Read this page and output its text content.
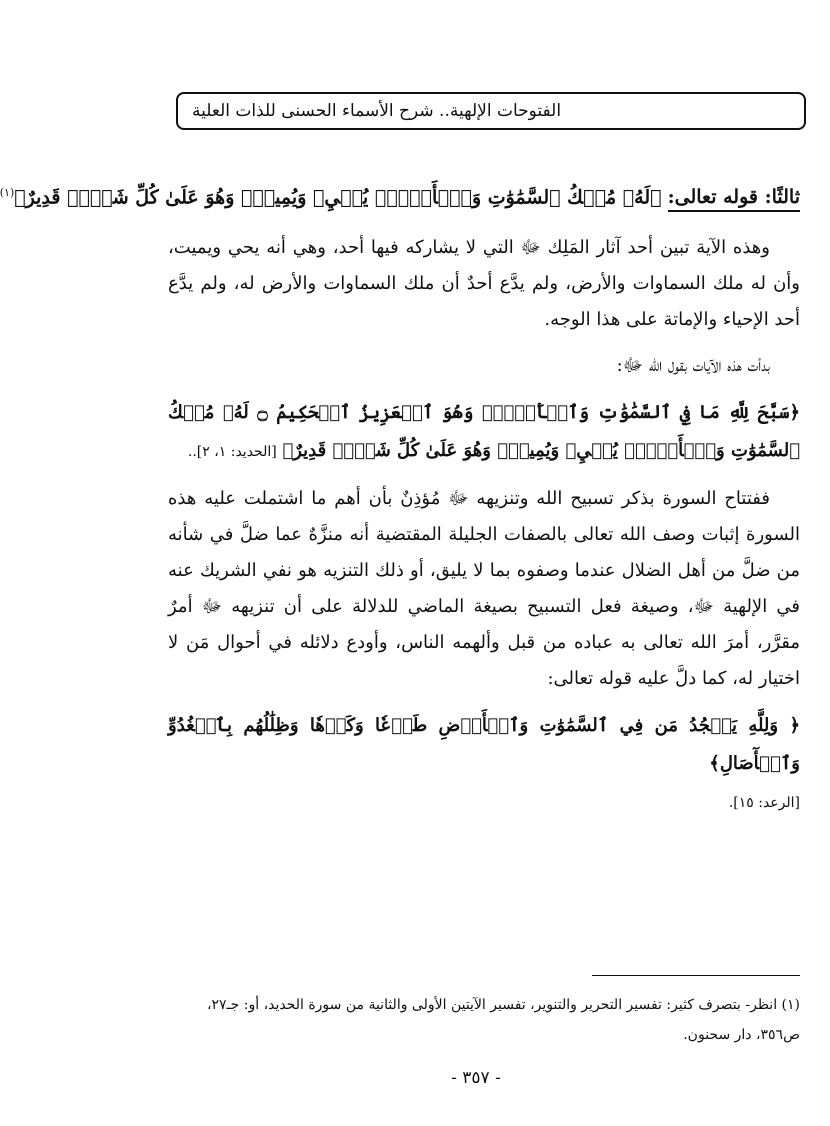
الفتوحات الإلهية.. شرح الأسماء الحسنى للذات العلية

ثالثًا: قوله تعالى: ﴿لَهُۥ مُلۡكُ ٱلسَّمَٰوَٰتِ وَٱلۡأَرۡضِۖ يُحۡيِۦ وَيُمِيتُۖ وَهُوَ عَلَىٰ كُلِّ شَيۡءٖ قَدِيرٌ﴾$^{(١)}$

وهذه الآية تبين أحد آثار المَلِك ﷻ التي لا يشاركه فيها أحد، وهي أنه يحي ويميت، وأن له ملك السماوات والأرض، ولم يدَّع أحدٌ أن ملك السماوات والأرض له، ولم يدَّع أحد الإحياء والإماتة على هذا الوجه.

بدأت هذه الآيات بقول الله ﷻ:

﴿سَبَّحَ لِلَّهِ مَا فِي ٱلسَّمَٰوَٰتِ وَٱلۡأَرۡضِۖ وَهُوَ ٱلۡعَزِيزُ ٱلۡحَكِيمُ ۝ لَهُۥ مُلۡكُ ٱلسَّمَٰوَٰتِ وَٱلۡأَرۡضِۖ يُحۡيِۦ وَيُمِيتُۖ وَهُوَ عَلَىٰ كُلِّ شَيۡءٖ قَدِيرٌ﴾ [الحديد: ١، ٢]..

ففتتاح السورة بذكر تسبيح الله وتنزيهه ﷻ مُؤذِنٌ بأن أهم ما اشتملت عليه هذه السورة إثبات وصف الله تعالى بالصفات الجليلة المقتضية أنه منزَّهٌ عما ضلَّ في شأنه من ضلَّ من أهل الضلال عندما وصفوه بما لا يليق، أو ذلك التنزيه هو نفي الشريك عنه في الإلهية ﷻ، وصيغة فعل التسبيح بصيغة الماضي للدلالة على أن تنزيهه ﷻ أمرٌ مقرَّر، أمرَ الله تعالى به عباده من قبل وألهمه الناس، وأودع دلائله في أحوال مَن لا اختيار له، كما دلَّ عليه قوله تعالى:

﴿ وَلِلَّهِ يَسۡجُدُ مَن فِي ٱلسَّمَٰوَٰتِ وَٱلۡأَرۡضِ طَوۡعٗا وَكَرۡهٗا وَظِلَٰلُهُم بِٱلۡغُدُوِّ وَٱلۡأٓصَالِ﴾

[الرعد: ١٥].

(١) انظر- بتصرف كثير: تفسير التحرير والتنوير، تفسير الآيتين الأولى والثانية من سورة الحديد، أو: جـ٢٧، ص٣٥٦، دار سحنون.
- ٣٥٧ -
